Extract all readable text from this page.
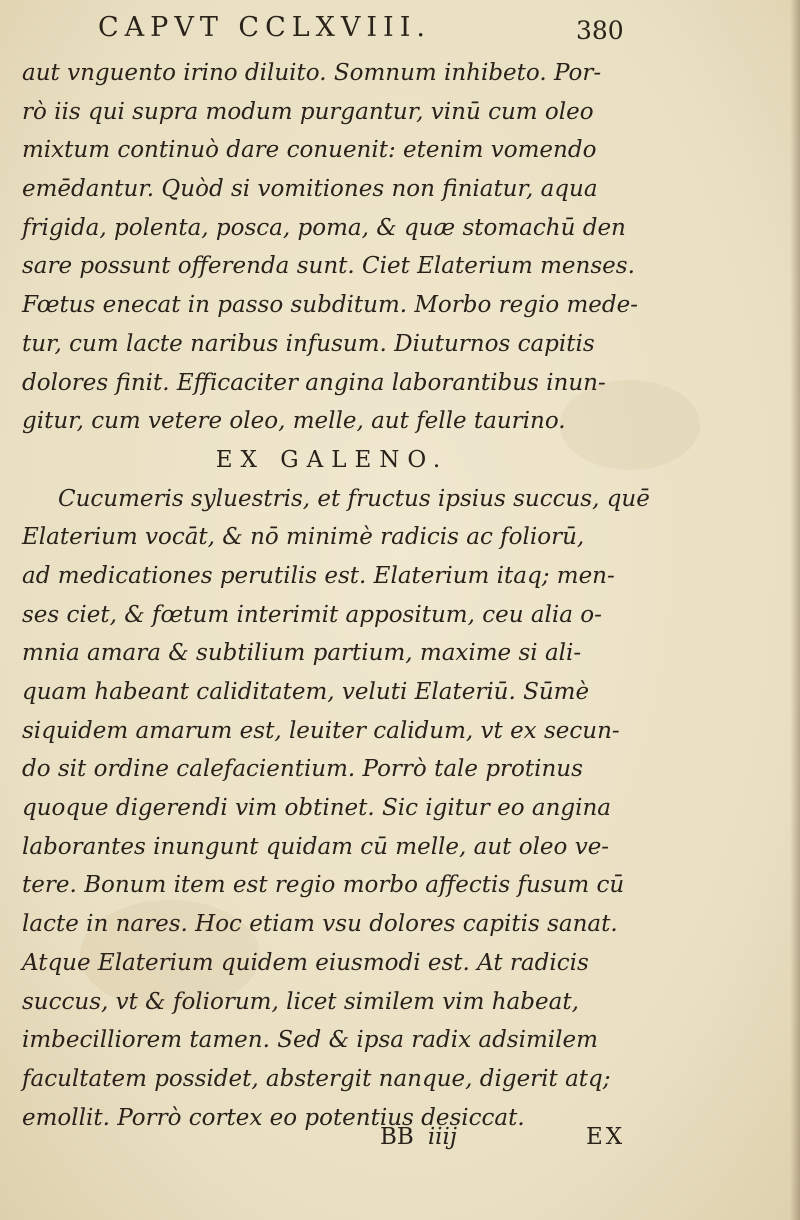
CAPVT CCLXVIII.	380
aut vnguento irino diluito. Somnum inhibeto. Por-
rò iis qui supra modum purgantur, vinū cum oleo
mixtum continuò dare conuenit: etenim vomendo
emēdantur. Quòd si vomitiones non finiatur, aqua
frigida, polenta, posca, poma, & quæ stomachū den
sare possunt offerenda sunt. Ciet Elaterium menses.
Fœtus enecat in passo subditum. Morbo regio mede-
tur, cum lacte naribus infusum. Diuturnos capitis
dolores finit. Efficaciter angina laborantibus inun-
gitur, cum vetere oleo, melle, aut felle taurino.
EX GALENO.
Cucumeris syluestris, et fructus ipsius succus, quē
Elaterium vocāt, & nō minimè radicis ac foliorū,
ad medicationes perutilis est. Elaterium itaq; men-
ses ciet, & fœtum interimit appositum, ceu alia o-
mnia amara & subtilium partium, maxime si ali-
quam habeant caliditatem, veluti Elateriū. Sūmè
siquidem amarum est, leuiter calidum, vt ex secun-
do sit ordine calefacientium. Porrò tale protinus
quoque digerendi vim obtinet. Sic igitur eo angina
laborantes inungunt quidam cū melle, aut oleo ve-
tere. Bonum item est regio morbo affectis fusum cū
lacte in nares. Hoc etiam vsu dolores capitis sanat.
Atque Elaterium quidem eiusmodi est. At radicis
succus, vt & foliorum, licet similem vim habeat,
imbecilliorem tamen. Sed & ipsa radix adsimilem
facultatem possidet, abstergit nanque, digerit atq;
emollit. Porrò cortex eo potentius desiccat.
BB iiij	EX
